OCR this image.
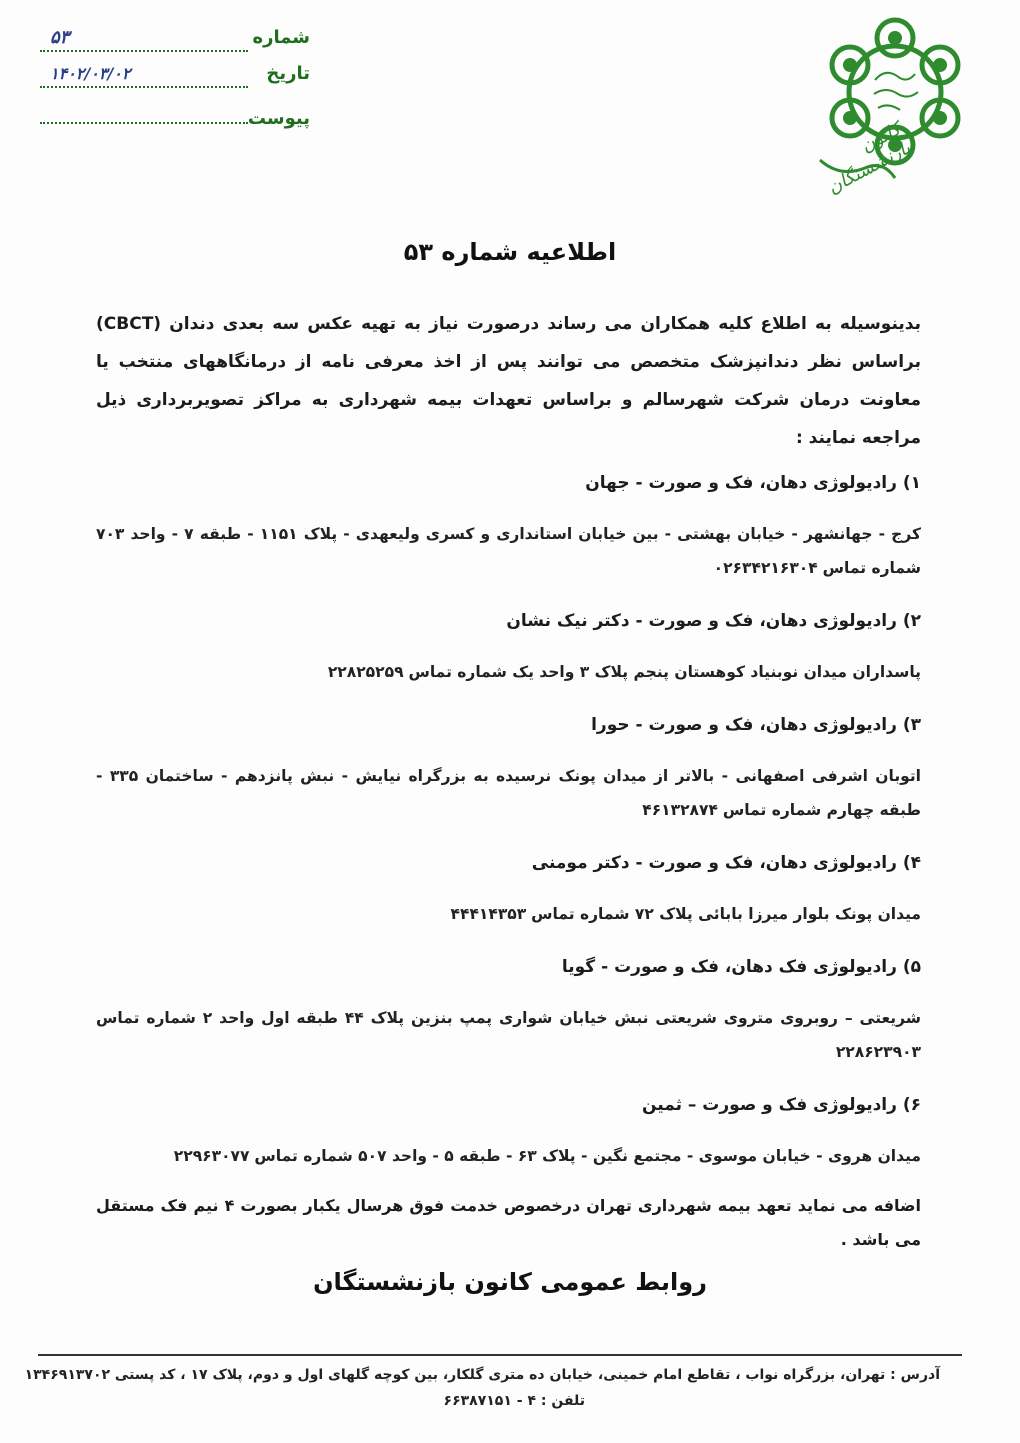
کانون بازنشستگان
شماره
۵۳
تاریخ
۱۴۰۲/۰۳/۰۲
پیوست
اطلاعیه شماره ۵۳

بدینوسیله به اطلاع کلیه همکاران می رساند درصورت نیاز به تهیه عکس سه بعدی دندان (CBCT) براساس نظر دندانپزشک متخصص می توانند پس از اخذ معرفی نامه از درمانگاههای منتخب یا معاونت درمان شرکت شهرسالم و براساس تعهدات بیمه شهرداری به مراکز تصویربرداری ذیل مراجعه نمایند :

۱) رادیولوژی دهان، فک و صورت - جهان

کرج - جهانشهر - خیابان بهشتی - بین خیابان استانداری و کسری ولیعهدی - پلاک ۱۱۵۱ - طبقه ۷ - واحد ۷۰۳ شماره تماس ۰۲۶۳۴۲۱۶۳۰۴

۲) رادیولوژی دهان، فک و صورت - دکتر نیک نشان

پاسداران میدان نوبنیاد کوهستان پنجم پلاک ۳ واحد یک شماره تماس ۲۲۸۲۵۲۵۹

۳) رادیولوژی دهان، فک و صورت - حورا

اتوبان اشرفی اصفهانی - بالاتر از میدان پونک نرسیده به بزرگراه نیایش - نبش پانزدهم - ساختمان ۳۳۵ - طبقه چهارم شماره تماس ۴۶۱۳۲۸۷۴

۴) رادیولوژی دهان، فک و صورت - دکتر مومنی

میدان پونک بلوار میرزا بابائی پلاک ۷۲ شماره تماس ۴۴۴۱۴۳۵۳

۵) رادیولوژی فک دهان، فک و صورت - گویا

شریعتی – روبروی متروی شریعتی نبش خیابان شواری پمپ بنزین پلاک ۴۴ طبقه اول واحد ۲ شماره تماس ۲۲۸۶۲۳۹۰۳

۶) رادیولوژی فک و صورت – ثمین

میدان هروی - خیابان موسوی - مجتمع نگین - پلاک ۶۳ - طبقه ۵ - واحد ۵۰۷ شماره تماس ۲۲۹۶۳۰۷۷

اضافه می نماید تعهد بیمه شهرداری تهران درخصوص خدمت فوق هرسال یکبار بصورت ۴ نیم فک مستقل می باشد .

روابط عمومی کانون بازنشستگان
آدرس : تهران، بزرگراه نواب ، تقاطع امام خمینی، خیابان ده متری گلکار، بین کوچه گلهای اول و دوم، پلاک ۱۷ ، کد پستی ۱۳۴۶۹۱۳۷۰۲
تلفن : ۴ - ۶۶۳۸۷۱۵۱
